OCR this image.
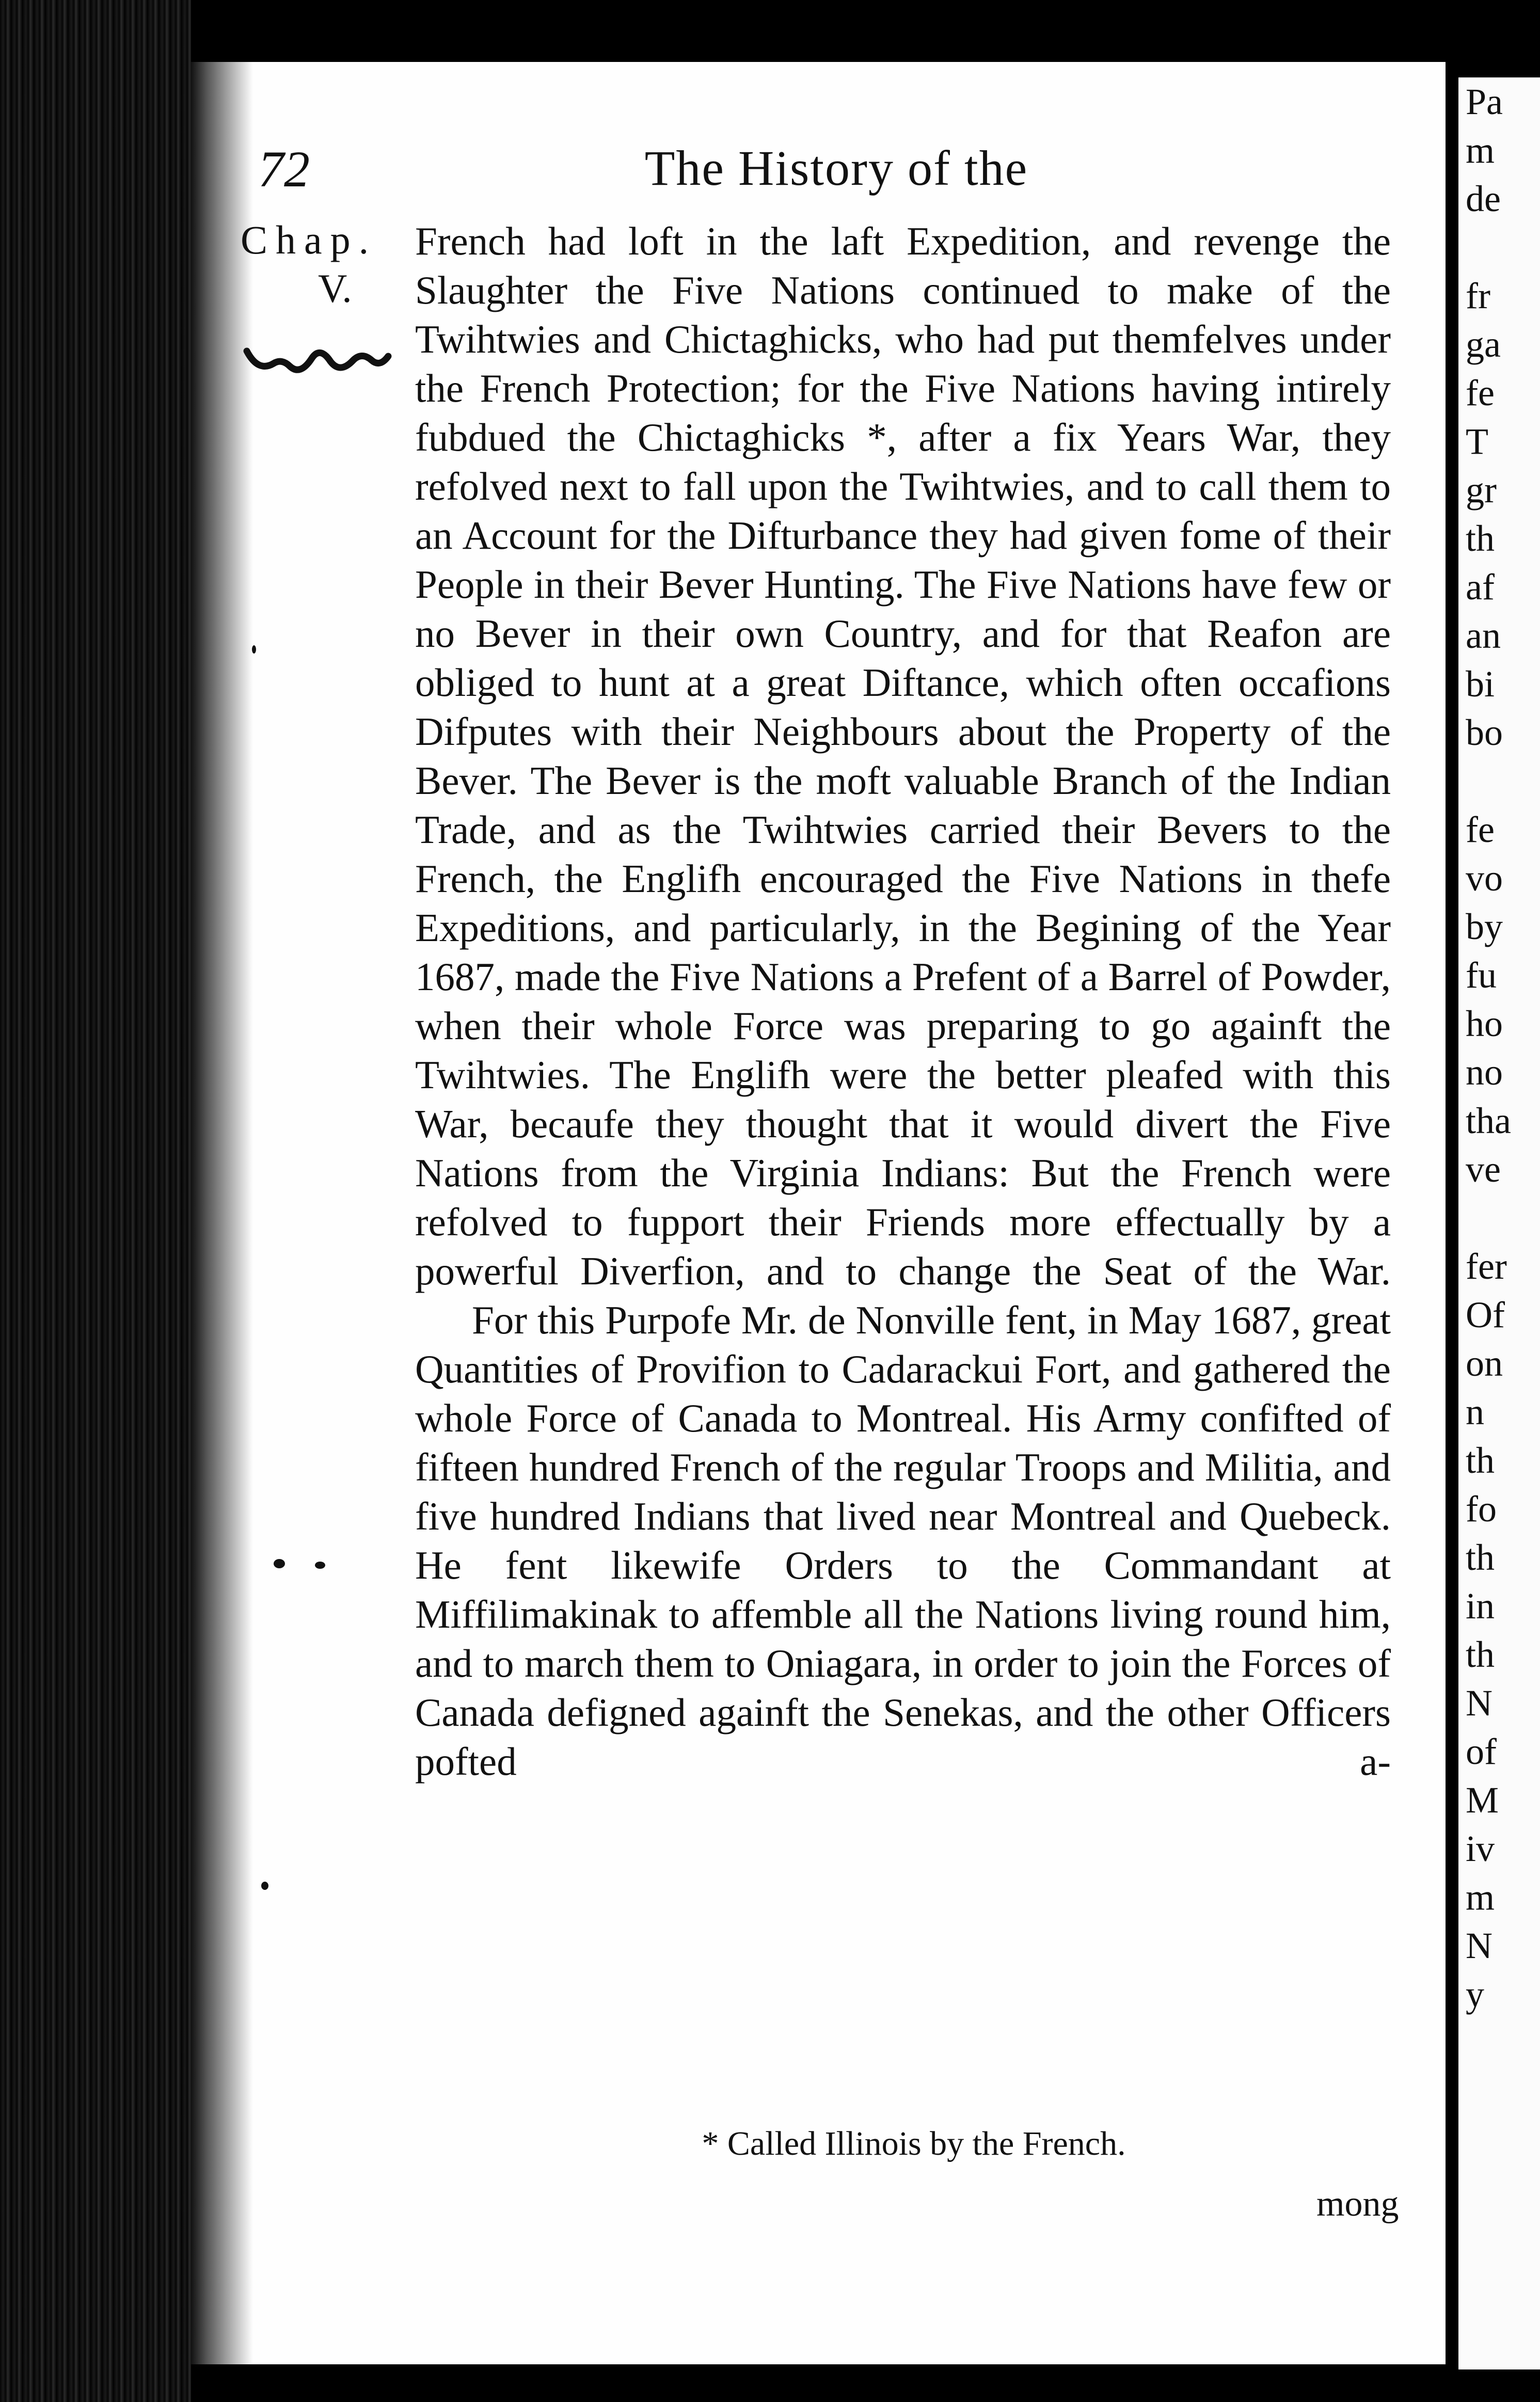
72	The History of the
Chap.
V.

French had loft in the laft Expedition, and revenge the Slaughter the Five Nations continued to make of the Twihtwies and Chictaghicks, who had put themfelves under the French Protection; for the Five Nations having intirely fubdued the Chictaghicks *, after a fix Years War, they refolved next to fall upon the Twihtwies, and to call them to an Account for the Difturbance they had given fome of their People in their Bever Hunting. The Five Nations have few or no Bever in their own Country, and for that Reafon are obliged to hunt at a great Diftance, which often occafions Difputes with their Neighbours about the Property of the Bever. The Bever is the moft valuable Branch of the Indian Trade, and as the Twihtwies carried their Bevers to the French, the Englifh encouraged the Five Nations in thefe Expeditions, and particularly, in the Begining of the Year 1687, made the Five Nations a Prefent of a Barrel of Powder, when their whole Force was preparing to go againft the Twihtwies. The Englifh were the better pleafed with this War, becaufe they thought that it would divert the Five Nations from the Virginia Indians: But the French were refolved to fupport their Friends more effectually by a powerful Diverfion, and to change the Seat of the War.

For this Purpofe Mr. de Nonville fent, in May 1687, great Quantities of Provifion to Cadarackui Fort, and gathered the whole Force of Canada to Montreal. His Army confifted of fifteen hundred French of the regular Troops and Militia, and five hundred Indians that lived near Montreal and Quebeck. He fent likewife Orders to the Commandant at Miffilimakinak to affemble all the Nations living round him, and to march them to Oniagara, in order to join the Forces of Canada defigned againft the Senekas, and the other Officers pofted a-

* Called Illinois by the French.
mong
Pa
m
de
fr
ga
fe
T
gr
th
af
an
bi
bo
fe
vo
by
fu
ho
no
tha
ve
fer
Of
on
n
th
fo
th
in
th
N
of
M
iv
m
N
y
